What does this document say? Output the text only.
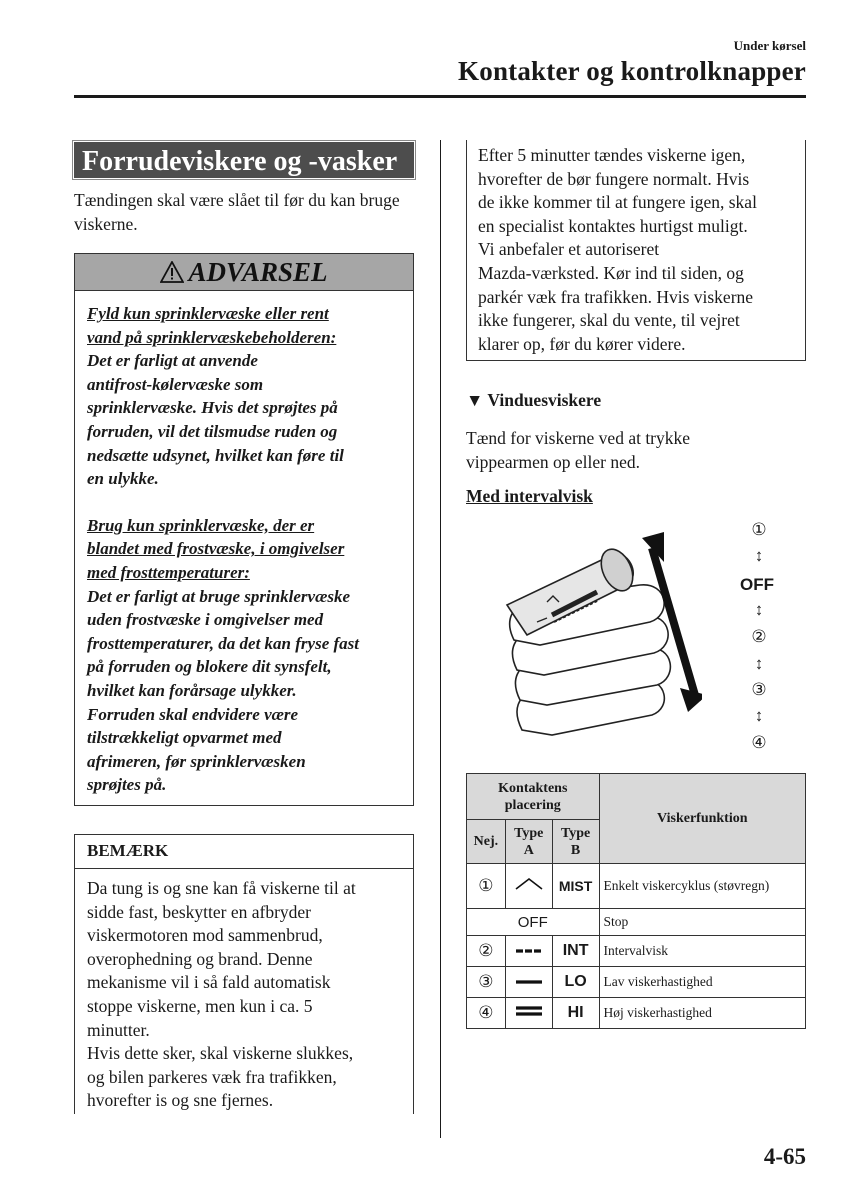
Under kørsel
Kontakter og kontrolknapper
Forrudeviskere og -vasker
Tændingen skal være slået til før du kan bruge viskerne.
ADVARSEL
Fyld kun sprinklervæske eller rent
vand på sprinklervæskebeholderen:
Det er farligt at anvende
antifrost-kølervæske som
sprinklervæske. Hvis det sprøjtes på
forruden, vil det tilsmudse ruden og
nedsætte udsynet, hvilket kan føre til
en ulykke.
Brug kun sprinklervæske, der er
blandet med frostvæske, i omgivelser
med frosttemperaturer:
Det er farligt at bruge sprinklervæske
uden frostvæske i omgivelser med
frosttemperaturer, da det kan fryse fast
på forruden og blokere dit synsfelt,
hvilket kan forårsage ulykker.
Forruden skal endvidere være
tilstrækkeligt opvarmet med
afrimeren, før sprinklervæsken
sprøjtes på.
BEMÆRK
Da tung is og sne kan få viskerne til at
sidde fast, beskytter en afbryder
viskermotoren mod sammenbrud,
overophedning og brand. Denne
mekanisme vil i så fald automatisk
stoppe viskerne, men kun i ca. 5
minutter.
Hvis dette sker, skal viskerne slukkes,
og bilen parkeres væk fra trafikken,
hvorefter is og sne fjernes.
Efter 5 minutter tændes viskerne igen,
hvorefter de bør fungere normalt. Hvis
de ikke kommer til at fungere igen, skal
en specialist kontaktes hurtigst muligt.
Vi anbefaler et autoriseret
Mazda-værksted. Kør ind til siden, og
parkér væk fra trafikken. Hvis viskerne
ikke fungerer, skal du vente, til vejret
klarer op, før du kører videre.
▼ Vinduesviskere
Tænd for viskerne ved at trykke
vippearmen op eller ned.
Med intervalvisk
①
↕
OFF
↕
②
↕
③
↕
④
Kontaktens placering			Viskerfunktion
Nej.	Type A	Type B	
①		MIST	Enkelt viskercyklus (støvregn)
OFF			Stop
②		INT	Intervalvisk
③		LO	Lav viskerhastighed
④		HI	Høj viskerhastighed
4-65
